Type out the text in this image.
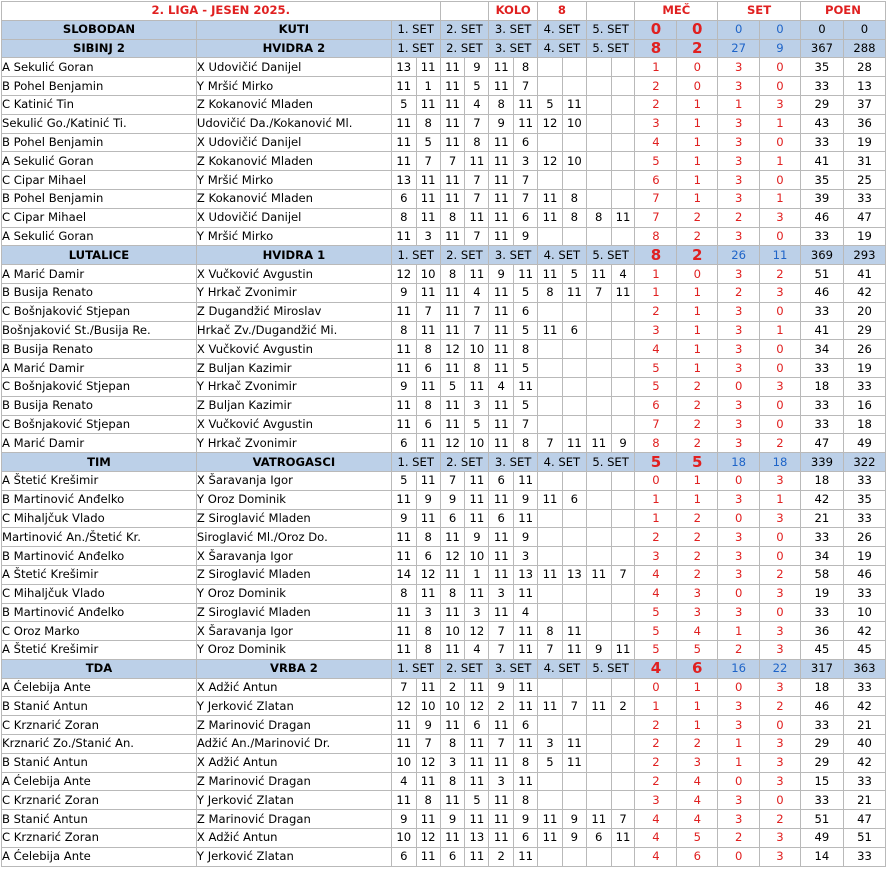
2. LIGA - JESEN 2025.						KOLO		8				MEČ		SET		POEN	
SLOBODAN	KUTI	1. SET		2. SET		3. SET		4. SET		5. SET		0	0	0	0	0	0
SIBINJ 2	HVIDRA 2	1. SET		2. SET		3. SET		4. SET		5. SET		8	2	27	9	367	288
A Sekulić Goran	X Udovičić Danijel	13	11	11	9	11	8					1	0	3	0	35	28
B Pohel Benjamin	Y Mršić Mirko	11	1	11	5	11	7					2	0	3	0	33	13
C Katinić Tin	Z Kokanović Mladen	5	11	11	4	8	11	5	11			2	1	1	3	29	37
Sekulić Go./Katinić Ti.	Udovičić Da./Kokanović Ml.	11	8	11	7	9	11	12	10			3	1	3	1	43	36
B Pohel Benjamin	X Udovičić Danijel	11	5	11	8	11	6					4	1	3	0	33	19
A Sekulić Goran	Z Kokanović Mladen	11	7	7	11	11	3	12	10			5	1	3	1	41	31
C Cipar Mihael	Y Mršić Mirko	13	11	11	7	11	7					6	1	3	0	35	25
B Pohel Benjamin	Z Kokanović Mladen	6	11	11	7	11	7	11	8			7	1	3	1	39	33
C Cipar Mihael	X Udovičić Danijel	8	11	8	11	11	6	11	8	8	11	7	2	2	3	46	47
A Sekulić Goran	Y Mršić Mirko	11	3	11	7	11	9					8	2	3	0	33	19
LUTALICE	HVIDRA 1	1. SET		2. SET		3. SET		4. SET		5. SET		8	2	26	11	369	293
A Marić Damir	X Vučković Avgustin	12	10	8	11	9	11	11	5	11	4	1	0	3	2	51	41
B Busija Renato	Y Hrkač Zvonimir	9	11	11	4	11	5	8	11	7	11	1	1	2	3	46	42
C Bošnjaković Stjepan	Z Dugandžić Miroslav	11	7	11	7	11	6					2	1	3	0	33	20
Bošnjaković St./Busija Re.	Hrkač Zv./Dugandžić Mi.	8	11	11	7	11	5	11	6			3	1	3	1	41	29
B Busija Renato	X Vučković Avgustin	11	8	12	10	11	8					4	1	3	0	34	26
A Marić Damir	Z Buljan Kazimir	11	6	11	8	11	5					5	1	3	0	33	19
C Bošnjaković Stjepan	Y Hrkač Zvonimir	9	11	5	11	4	11					5	2	0	3	18	33
B Busija Renato	Z Buljan Kazimir	11	8	11	3	11	5					6	2	3	0	33	16
C Bošnjaković Stjepan	X Vučković Avgustin	11	6	11	5	11	7					7	2	3	0	33	18
A Marić Damir	Y Hrkač Zvonimir	6	11	12	10	11	8	7	11	11	9	8	2	3	2	47	49
TIM	VATROGASCI	1. SET		2. SET		3. SET		4. SET		5. SET		5	5	18	18	339	322
A Štetić Krešimir	X Šaravanja Igor	5	11	7	11	6	11					0	1	0	3	18	33
B Martinović Anđelko	Y Oroz Dominik	11	9	9	11	11	9	11	6			1	1	3	1	42	35
C Mihaljčuk Vlado	Z Siroglavić Mladen	9	11	6	11	6	11					1	2	0	3	21	33
Martinović An./Štetić Kr.	Siroglavić Ml./Oroz Do.	11	8	11	9	11	9					2	2	3	0	33	26
B Martinović Anđelko	X Šaravanja Igor	11	6	12	10	11	3					3	2	3	0	34	19
A Štetić Krešimir	Z Siroglavić Mladen	14	12	11	1	11	13	11	13	11	7	4	2	3	2	58	46
C Mihaljčuk Vlado	Y Oroz Dominik	8	11	8	11	3	11					4	3	0	3	19	33
B Martinović Anđelko	Z Siroglavić Mladen	11	3	11	3	11	4					5	3	3	0	33	10
C Oroz Marko	X Šaravanja Igor	11	8	10	12	7	11	8	11			5	4	1	3	36	42
A Štetić Krešimir	Y Oroz Dominik	11	8	11	4	7	11	7	11	9	11	5	5	2	3	45	45
TDA	VRBA 2	1. SET		2. SET		3. SET		4. SET		5. SET		4	6	16	22	317	363
A Ćelebija Ante	X Adžić Antun	7	11	2	11	9	11					0	1	0	3	18	33
B Stanić Antun	Y Jerković Zlatan	12	10	10	12	2	11	11	7	11	2	1	1	3	2	46	42
C Krznarić Zoran	Z Marinović Dragan	11	9	11	6	11	6					2	1	3	0	33	21
Krznarić Zo./Stanić An.	Adžić An./Marinović Dr.	11	7	8	11	7	11	3	11			2	2	1	3	29	40
B Stanić Antun	X Adžić Antun	10	12	3	11	11	8	5	11			2	3	1	3	29	42
A Ćelebija Ante	Z Marinović Dragan	4	11	8	11	3	11					2	4	0	3	15	33
C Krznarić Zoran	Y Jerković Zlatan	11	8	11	5	11	8					3	4	3	0	33	21
B Stanić Antun	Z Marinović Dragan	9	11	9	11	11	9	11	9	11	7	4	4	3	2	51	47
C Krznarić Zoran	X Adžić Antun	10	12	11	13	11	6	11	9	6	11	4	5	2	3	49	51
A Ćelebija Ante	Y Jerković Zlatan	6	11	6	11	2	11					4	6	0	3	14	33
